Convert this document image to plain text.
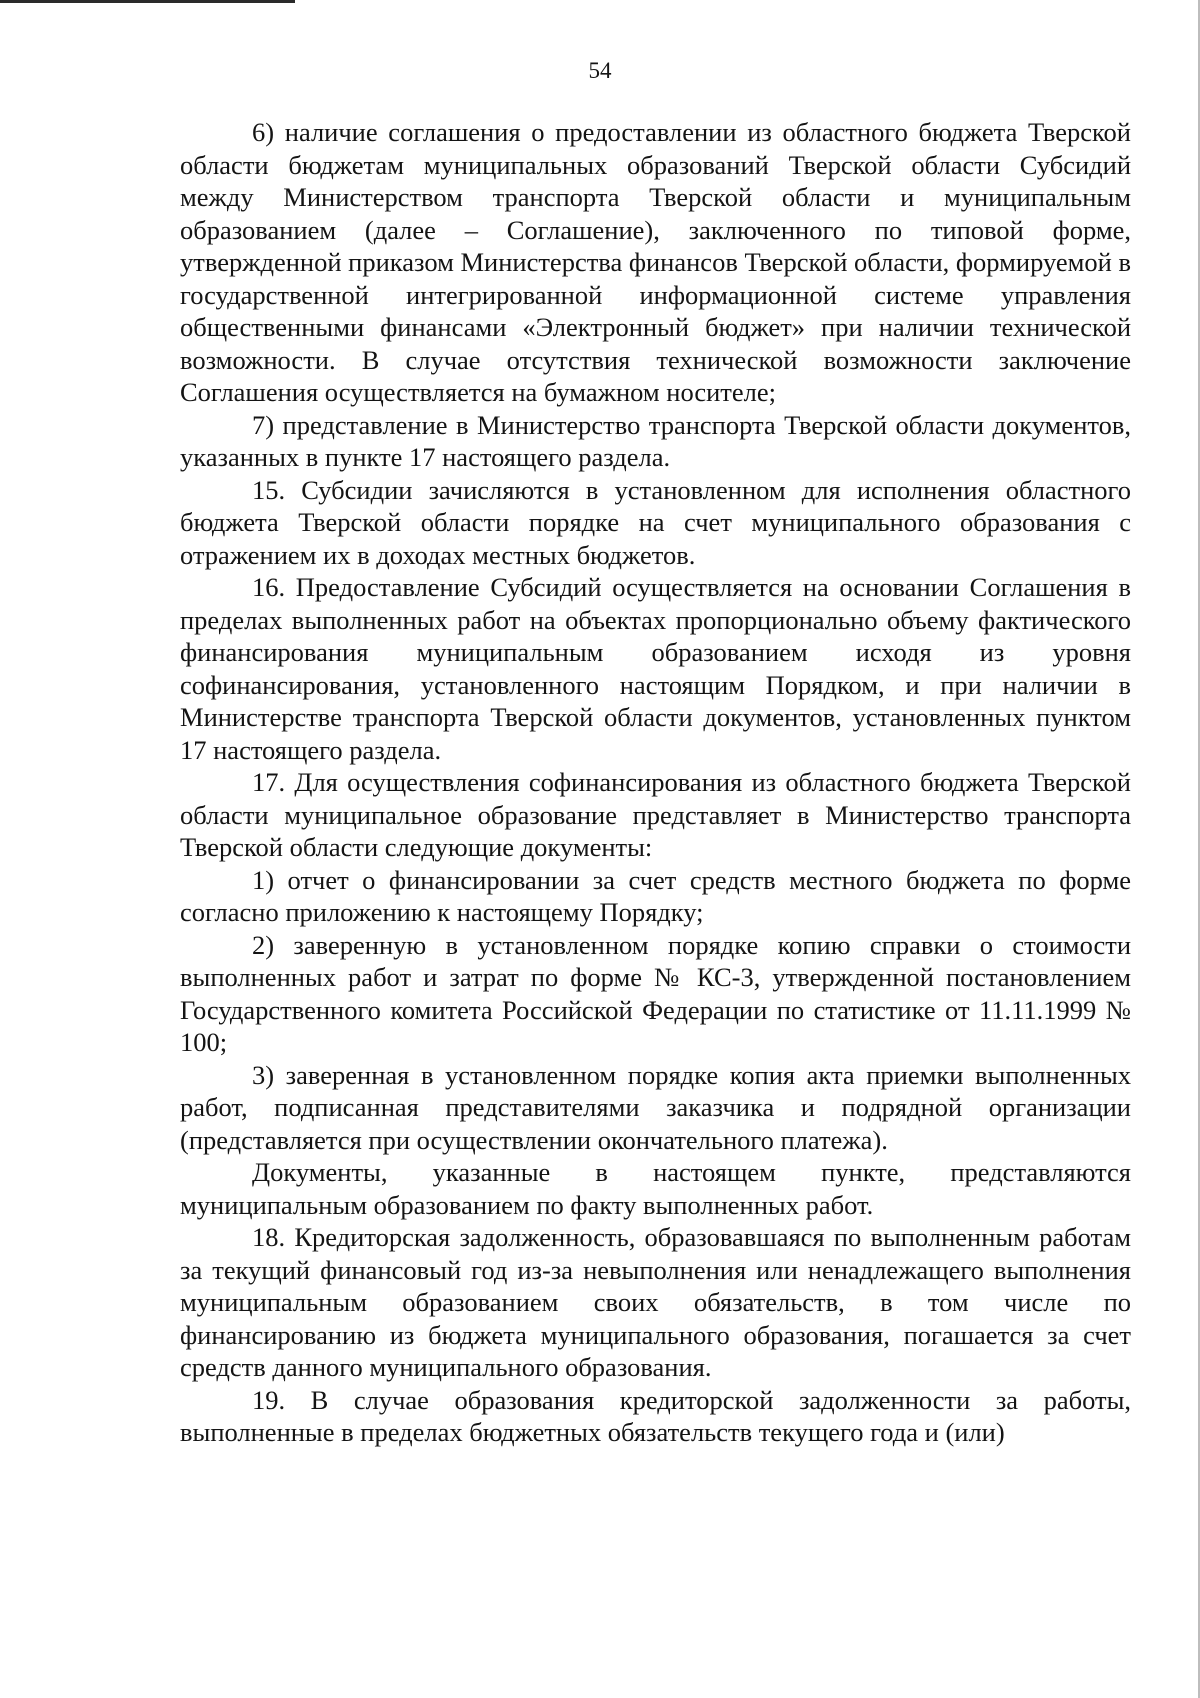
54

6) наличие соглашения о предоставлении из областного бюджета Тверской области бюджетам муниципальных образований Тверской области Субсидий между Министерством транспорта Тверской области и муниципальным образованием (далее – Соглашение), заключенного по типовой форме, утвержденной приказом Министерства финансов Тверской области, формируемой в государственной интегрированной информационной системе управления общественными финансами «Электронный бюджет» при наличии технической возможности. В случае отсутствия технической возможности заключение Соглашения осуществляется на бумажном носителе;

7) представление в Министерство транспорта Тверской области документов, указанных в пункте 17 настоящего раздела.

15. Субсидии зачисляются в установленном для исполнения областного бюджета Тверской области порядке на счет муниципального образования с отражением их в доходах местных бюджетов.

16. Предоставление Субсидий осуществляется на основании Соглашения в пределах выполненных работ на объектах пропорционально объему фактического финансирования муниципальным образованием исходя из уровня софинансирования, установленного настоящим Порядком, и при наличии в Министерстве транспорта Тверской области документов, установленных пунктом 17 настоящего раздела.

17. Для осуществления софинансирования из областного бюджета Тверской области муниципальное образование представляет в Министерство транспорта Тверской области следующие документы:

1) отчет о финансировании за счет средств местного бюджета по форме согласно приложению к настоящему Порядку;

2) заверенную в установленном порядке копию справки о стоимости выполненных работ и затрат по форме № КС-3, утвержденной постановлением Государственного комитета Российской Федерации по статистике от 11.11.1999 № 100;

3) заверенная в установленном порядке копия акта приемки выполненных работ, подписанная представителями заказчика и подрядной организации (представляется при осуществлении окончательного платежа).

Документы, указанные в настоящем пункте, представляются муниципальным образованием по факту выполненных работ.

18. Кредиторская задолженность, образовавшаяся по выполненным работам за текущий финансовый год из-за невыполнения или ненадлежащего выполнения муниципальным образованием своих обязательств, в том числе по финансированию из бюджета муниципального образования, погашается за счет средств данного муниципального образования.

19. В случае образования кредиторской задолженности за работы, выполненные в пределах бюджетных обязательств текущего года и (или)
